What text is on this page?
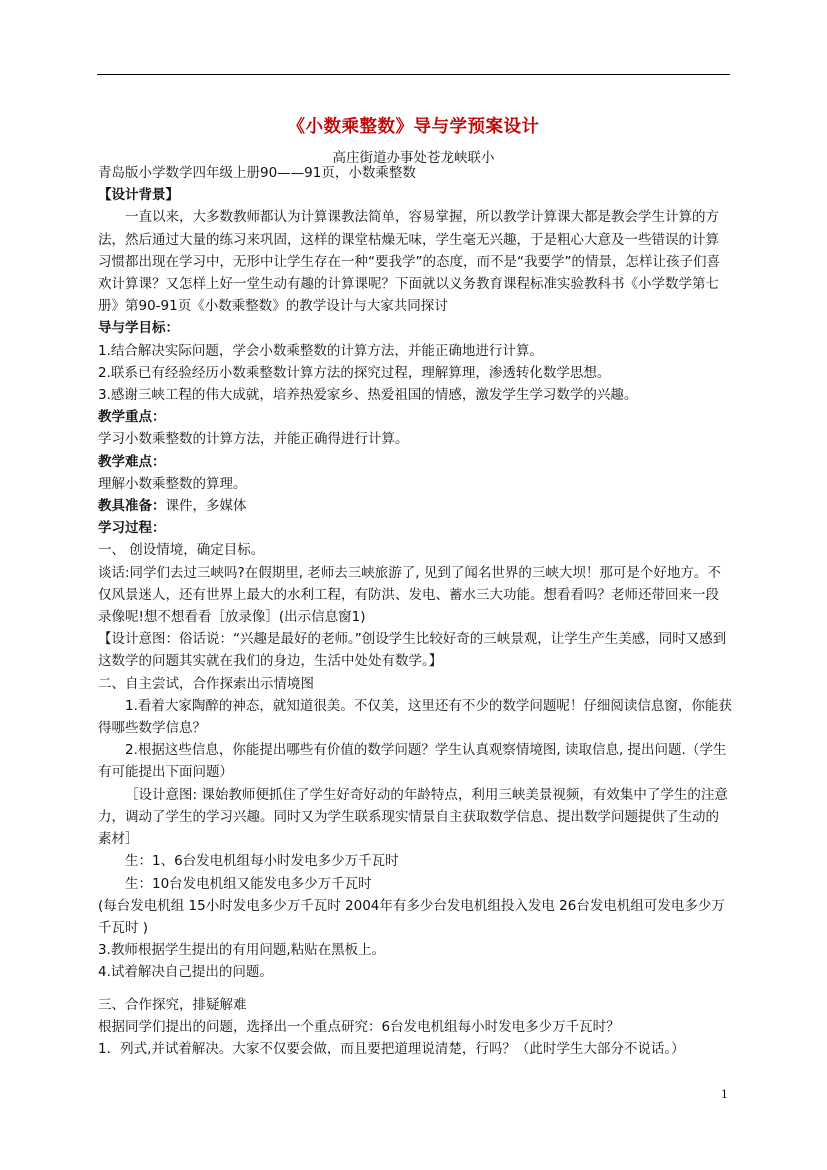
《小数乘整数》导与学预案设计
高庄街道办事处苍龙峡联小

青岛版小学数学四年级上册90——91页，小数乘整数

【设计背景】

一直以来，大多数教师都认为计算课教法简单，容易掌握，所以教学计算课大都是教会学生计算的方法，然后通过大量的练习来巩固，这样的课堂枯燥无味，学生毫无兴趣，于是粗心大意及一些错误的计算习惯都出现在学习中，无形中让学生存在一种“要我学”的态度，而不是“我要学”的情景，怎样让孩子们喜欢计算课？又怎样上好一堂生动有趣的计算课呢？下面就以义务教育课程标准实验教科书《小学数学第七册》第90-91页《小数乘整数》的教学设计与大家共同探讨

导与学目标：

1.结合解决实际问题，学会小数乘整数的计算方法，并能正确地进行计算。

2.联系已有经验经历小数乘整数计算方法的探究过程，理解算理，渗透转化数学思想。

3.感谢三峡工程的伟大成就，培养热爱家乡、热爱祖国的情感，激发学生学习数学的兴趣。

教学重点：

学习小数乘整数的计算方法，并能正确得进行计算。

教学难点：

理解小数乘整数的算理。

教具准备：课件，多媒体

学习过程：

一、 创设情境，确定目标。

谈话:同学们去过三峡吗?在假期里, 老师去三峡旅游了, 见到了闻名世界的三峡大坝！那可是个好地方。不仅风景迷人，还有世界上最大的水利工程，有防洪、发电、蓄水三大功能。想看看吗？老师还带回来一段录像呢!想不想看看［放录像］(出示信息窗1)

【设计意图：俗话说：“兴趣是最好的老师。”创设学生比较好奇的三峡景观，让学生产生美感，同时又感到这数学的问题其实就在我们的身边，生活中处处有数学。】

二、自主尝试，合作探索出示情境图

1.看着大家陶醉的神态，就知道很美。不仅美，这里还有不少的数学问题呢！仔细阅读信息窗，你能获得哪些数学信息？

2.根据这些信息，你能提出哪些有价值的数学问题？学生认真观察情境图, 读取信息, 提出问题.（学生有可能提出下面问题）

［设计意图: 课始教师便抓住了学生好奇好动的年龄特点，利用三峡美景视频，有效集中了学生的注意力，调动了学生的学习兴趣。同时又为学生联系现实情景自主获取数学信息、提出数学问题提供了生动的素材］

生：1、6台发电机组每小时发电多少万千瓦时

生：10台发电机组又能发电多少万千瓦时

(每台发电机组 15小时发电多少万千瓦时 2004年有多少台发电机组投入发电 26台发电机组可发电多少万千瓦时 )

3.教师根据学生提出的有用问题,粘贴在黑板上。

4.试着解决自己提出的问题。

三、合作探究，排疑解难

根据同学们提出的问题，选择出一个重点研究：6台发电机组每小时发电多少万千瓦时？

1．列式,并试着解决。大家不仅要会做，而且要把道理说清楚，行吗？（此时学生大部分不说话。）

1
